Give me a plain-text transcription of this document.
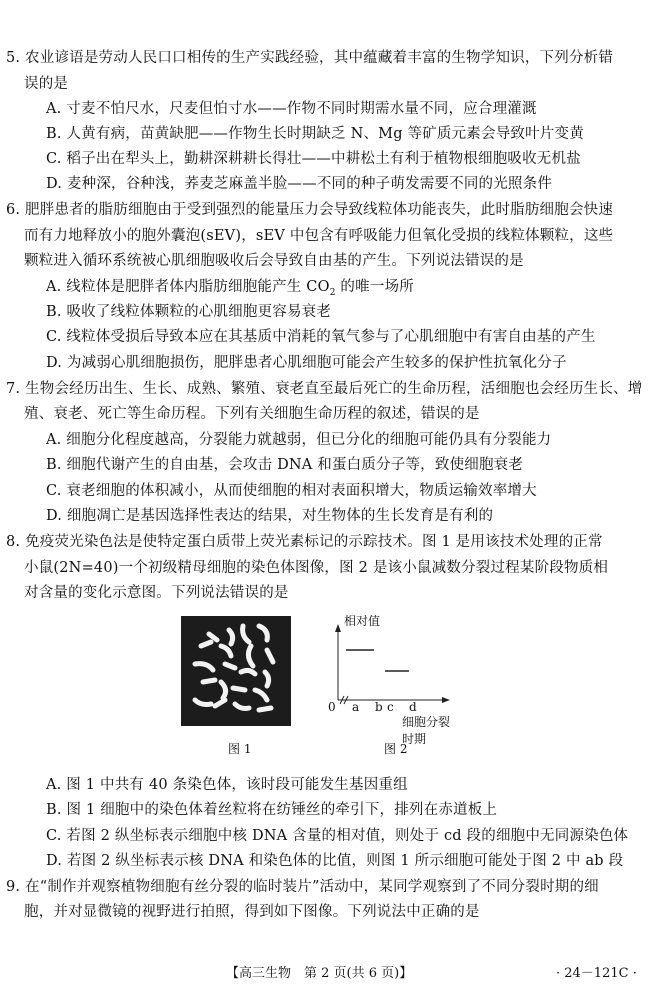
5. 农业谚语是劳动人民口口相传的生产实践经验，其中蕴藏着丰富的生物学知识，下列分析错
误的是
A. 寸麦不怕尺水，尺麦但怕寸水——作物不同时期需水量不同，应合理灌溉
B. 人黄有病，苗黄缺肥——作物生长时期缺乏 N、Mg 等矿质元素会导致叶片变黄
C. 稻子出在犁头上，勤耕深耕耕长得壮——中耕松土有利于植物根细胞吸收无机盐
D. 麦种深，谷种浅，荞麦芝麻盖半脸——不同的种子萌发需要不同的光照条件
6. 肥胖患者的脂肪细胞由于受到强烈的能量压力会导致线粒体功能丧失，此时脂肪细胞会快速
而有力地释放小的胞外囊泡(sEV)，sEV 中包含有呼吸能力但氧化受损的线粒体颗粒，这些
颗粒进入循环系统被心肌细胞吸收后会导致自由基的产生。下列说法错误的是
A. 线粒体是肥胖者体内脂肪细胞能产生 $CO_2$ 的唯一场所
B. 吸收了线粒体颗粒的心肌细胞更容易衰老
C. 线粒体受损后导致本应在其基质中消耗的氧气参与了心肌细胞中有害自由基的产生
D. 为减弱心肌细胞损伤，肥胖患者心肌细胞可能会产生较多的保护性抗氧化分子
7. 生物会经历出生、生长、成熟、繁殖、衰老直至最后死亡的生命历程，活细胞也会经历生长、增
殖、衰老、死亡等生命历程。下列有关细胞生命历程的叙述，错误的是
A. 细胞分化程度越高，分裂能力就越弱，但已分化的细胞可能仍具有分裂能力
B. 细胞代谢产生的自由基，会攻击 DNA 和蛋白质分子等，致使细胞衰老
C. 衰老细胞的体积减小，从而使细胞的相对表面积增大，物质运输效率增大
D. 细胞凋亡是基因选择性表达的结果，对生物体的生长发育是有利的
8. 免疫荧光染色法是使特定蛋白质带上荧光素标记的示踪技术。图 1 是用该技术处理的正常
小鼠(2N=40)一个初级精母细胞的染色体图像，图 2 是该小鼠减数分裂过程某阶段物质相
对含量的变化示意图。下列说法错误的是
图 1
相对值
0 a b c d
细胞分裂时期
图 2
A. 图 1 中共有 40 条染色体，该时段可能发生基因重组
B. 图 1 细胞中的染色体着丝粒将在纺锤丝的牵引下，排列在赤道板上
C. 若图 2 纵坐标表示细胞中核 DNA 含量的相对值，则处于 cd 段的细胞中无同源染色体
D. 若图 2 纵坐标表示核 DNA 和染色体的比值，则图 1 所示细胞可能处于图 2 中 ab 段
9. 在“制作并观察植物细胞有丝分裂的临时装片”活动中，某同学观察到了不同分裂时期的细
胞，并对显微镜的视野进行拍照，得到如下图像。下列说法中正确的是
【高三生物　第 2 页(共 6 页)】	· 24－121C ·
